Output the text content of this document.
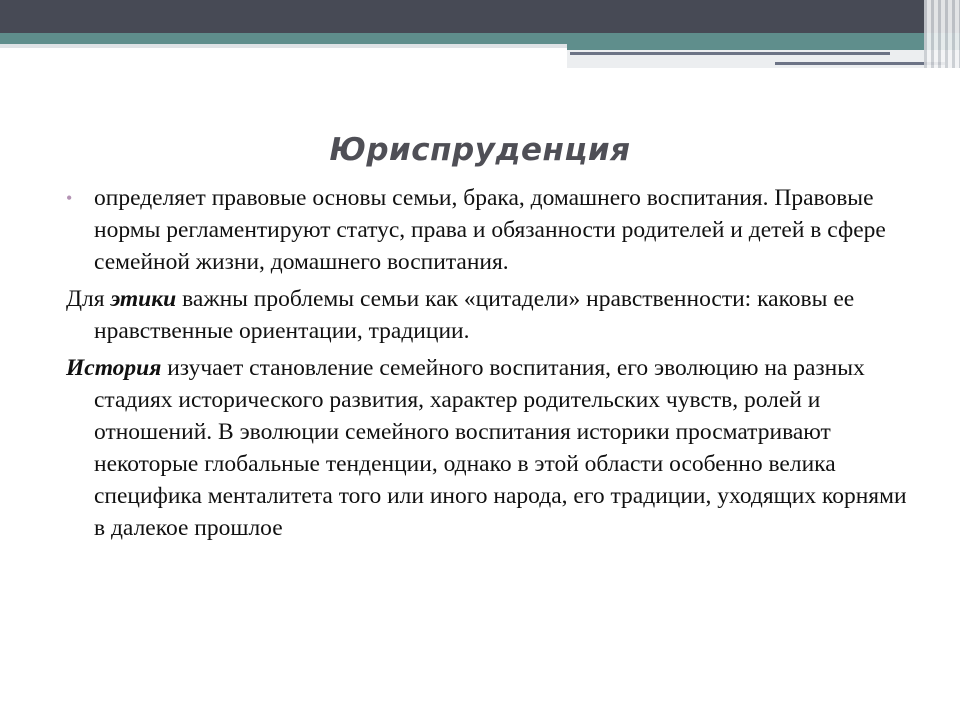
Юриспруденция

• определяет правовые основы семьи, брака, домашнего воспитания. Правовые нормы регламентируют статус, права и обязанности родителей и детей в сфере семейной жизни, домашнего воспитания.

Для этики важны проблемы семьи как «цитадели» нравственности: каковы ее нравственные ориентации, традиции.

История изучает становление семейного воспитания, его эволюцию на разных стадиях исторического развития, характер родительских чувств, ролей и отношений. В эволюции семейного воспитания историки просматривают некоторые глобальные тенденции, однако в этой области особенно велика специфика менталитета того или иного народа, его традиции, уходящих корнями в далекое прошлое
